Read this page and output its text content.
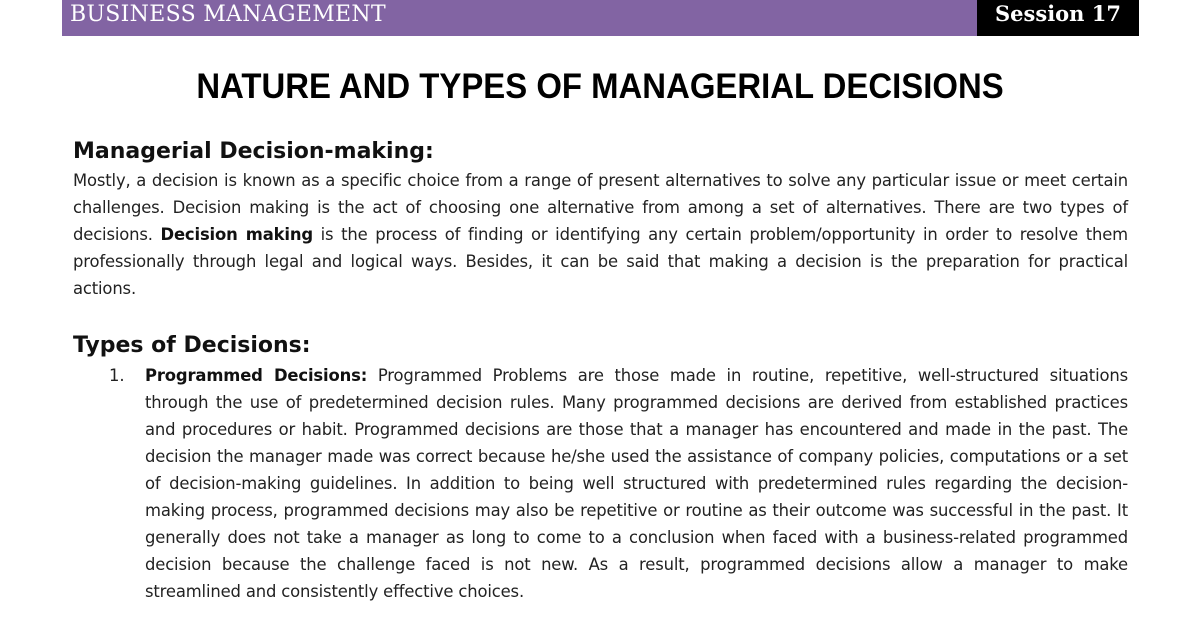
BUSINESS MANAGEMENT	Session 17
NATURE AND TYPES OF MANAGERIAL DECISIONS
Managerial Decision-making:

Mostly, a decision is known as a specific choice from a range of present alternatives to solve any particular issue or meet certain challenges. Decision making is the act of choosing one alternative from among a set of alternatives. There are two types of decisions. Decision making is the process of finding or identifying any certain problem/opportunity in order to resolve them professionally through legal and logical ways. Besides, it can be said that making a decision is the preparation for practical actions.

Types of Decisions:
1. Programmed Decisions: Programmed Problems are those made in routine, repetitive, well-structured situations through the use of predetermined decision rules. Many programmed decisions are derived from established practices and procedures or habit. Programmed decisions are those that a manager has encountered and made in the past. The decision the manager made was correct because he/she used the assistance of company policies, computations or a set of decision-making guidelines. In addition to being well structured with predetermined rules regarding the decision-making process, programmed decisions may also be repetitive or routine as their outcome was successful in the past. It generally does not take a manager as long to come to a conclusion when faced with a business-related programmed decision because the challenge faced is not new. As a result, programmed decisions allow a manager to make streamlined and consistently effective choices.
